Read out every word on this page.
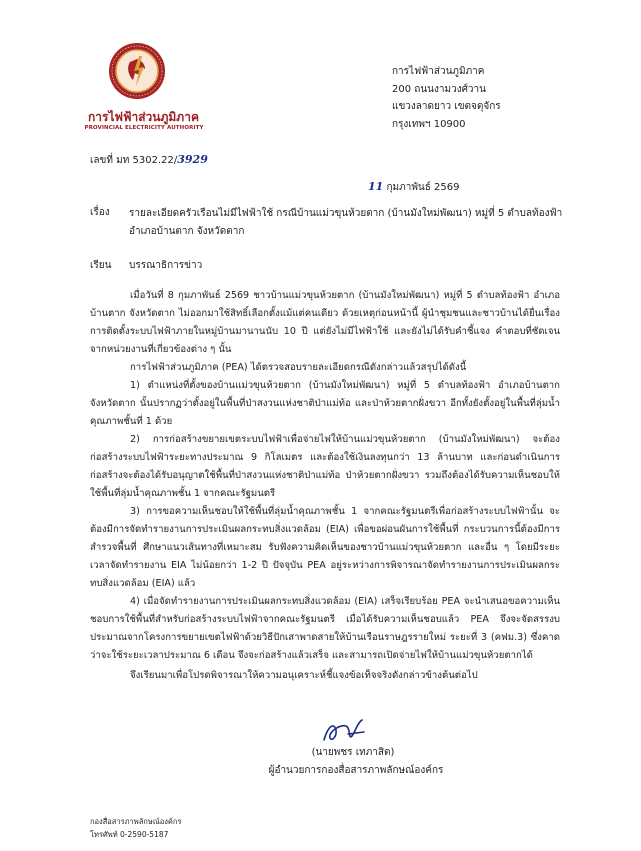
การไฟฟ้าส่วนภูมิภาค
PROVINCIAL ELECTRICITY AUTHORITY
การไฟฟ้าส่วนภูมิภาค
200 ถนนงามวงศ์วาน
แขวงลาดยาว เขตจตุจักร
กรุงเทพฯ 10900
เลขที่ มท 5302.22/3929
11 กุมภาพันธ์ 2569
เรื่อง รายละเอียดครัวเรือนไม่มีไฟฟ้าใช้ กรณีบ้านแม่วขุนห้วยตาก (บ้านมังใหม่พัฒนา) หมู่ที่ 5 ตำบลท้องฟ้า
อำเภอบ้านตาก จังหวัดตาก
เรียน บรรณาธิการข่าว

เมื่อวันที่ 8 กุมภาพันธ์ 2569 ชาวบ้านแม่วขุนห้วยตาก (บ้านมังใหม่พัฒนา) หมู่ที่ 5 ตำบลท้องฟ้า อำเภอบ้านตาก จังหวัดตาก ไม่ออกมาใช้สิทธิ์เลือกตั้งแม้แต่คนเดียว ด้วยเหตุก่อนหน้านี้ ผู้นำชุมชนและชาวบ้านได้ยื่นเรื่องการติดตั้งระบบไฟฟ้าภายในหมู่บ้านมานานนับ 10 ปี แต่ยังไม่มีไฟฟ้าใช้ และยังไม่ได้รับคำชี้แจง คำตอบที่ชัดเจนจากหน่วยงานที่เกี่ยวข้องต่าง ๆ นั้น

การไฟฟ้าส่วนภูมิภาค (PEA) ได้ตรวจสอบรายละเอียดกรณีดังกล่าวแล้วสรุปได้ดังนี้

1) ตำแหน่งที่ตั้งของบ้านแม่วขุนห้วยตาก (บ้านมังใหม่พัฒนา) หมู่ที่ 5 ตำบลท้องฟ้า อำเภอบ้านตาก จังหวัดตาก นั้นปรากฏว่าตั้งอยู่ในพื้นที่ป่าสงวนแห่งชาติป่าแม่ท้อ และป่าห้วยตากฝั่งขวา อีกทั้งยังตั้งอยู่ในพื้นที่ลุ่มน้ำคุณภาพชั้นที่ 1 ด้วย

2) การก่อสร้างขยายเขตระบบไฟฟ้าเพื่อจ่ายไฟให้บ้านแม่วขุนห้วยตาก (บ้านมังใหม่พัฒนา) จะต้องก่อสร้างระบบไฟฟ้าระยะทางประมาณ 9 กิโลเมตร และต้องใช้เงินลงทุนกว่า 13 ล้านบาท และก่อนดำเนินการก่อสร้างจะต้องได้รับอนุญาตใช้พื้นที่ป่าสงวนแห่งชาติป่าแม่ท้อ ป่าห้วยตากฝั่งขวา รวมถึงต้องได้รับความเห็นชอบให้ใช้พื้นที่ลุ่มน้ำคุณภาพชั้น 1 จากคณะรัฐมนตรี

3) การขอความเห็นชอบให้ใช้พื้นที่ลุ่มน้ำคุณภาพชั้น 1 จากคณะรัฐมนตรีเพื่อก่อสร้างระบบไฟฟ้านั้น จะต้องมีการจัดทำรายงานการประเมินผลกระทบสิ่งแวดล้อม (EIA) เพื่อขอผ่อนผันการใช้พื้นที่ กระบวนการนี้ต้องมีการสำรวจพื้นที่ ศึกษาแนวเส้นทางที่เหมาะสม รับฟังความคิดเห็นของชาวบ้านแม่วขุนห้วยตาก และอื่น ๆ โดยมีระยะเวลาจัดทำรายงาน EIA ไม่น้อยกว่า 1-2 ปี ปัจจุบัน PEA อยู่ระหว่างการพิจารณาจัดทำรายงานการประเมินผลกระทบสิ่งแวดล้อม (EIA) แล้ว

4) เมื่อจัดทำรายงานการประเมินผลกระทบสิ่งแวดล้อม (EIA) เสร็จเรียบร้อย PEA จะนำเสนอขอความเห็นชอบการใช้พื้นที่สำหรับก่อสร้างระบบไฟฟ้าจากคณะรัฐมนตรี เมื่อได้รับความเห็นชอบแล้ว PEA จึงจะจัดสรรงบประมาณจากโครงการขยายเขตไฟฟ้าด้วยวิธีปักเสาพาดสายให้บ้านเรือนราษฎรรายใหม่ ระยะที่ 3 (คฟม.3) ซึ่งคาดว่าจะใช้ระยะเวลาประมาณ 6 เดือน จึงจะก่อสร้างแล้วเสร็จ และสามารถเปิดจ่ายไฟให้บ้านแม่วขุนห้วยตากได้

จึงเรียนมาเพื่อโปรดพิจารณาให้ความอนุเคราะห์ชี้แจงข้อเท็จจริงดังกล่าวข้างต้นต่อไป

(นายพชร เทภาสิต)
ผู้อำนวยการกองสื่อสารภาพลักษณ์องค์กร
กองสื่อสารภาพลักษณ์องค์กร
โทรศัพท์ 0-2590-5187
